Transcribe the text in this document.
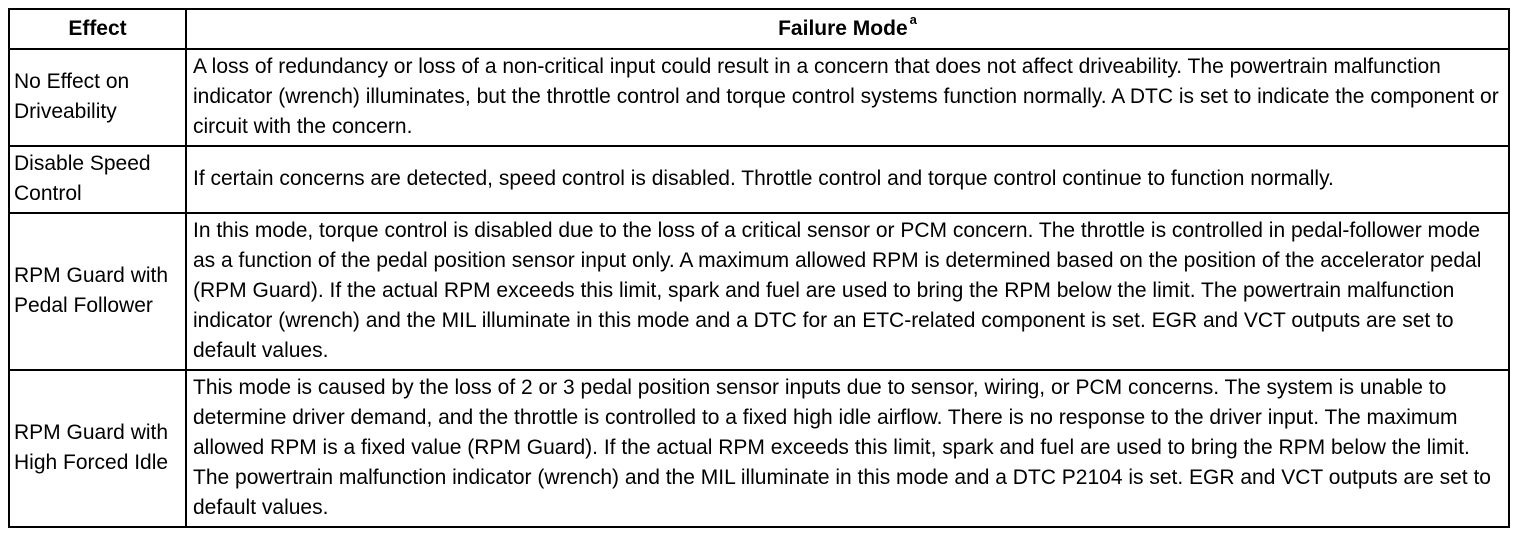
Effect	Failure Mode $^a$
No Effect on Driveability	A loss of redundancy or loss of a non-critical input could result in a concern that does not affect driveability. The powertrain malfunction indicator (wrench) illuminates, but the throttle control and torque control systems function normally. A DTC is set to indicate the component or circuit with the concern.
Disable Speed Control	If certain concerns are detected, speed control is disabled. Throttle control and torque control continue to function normally.
RPM Guard with Pedal Follower	In this mode, torque control is disabled due to the loss of a critical sensor or PCM concern. The throttle is controlled in pedal-follower mode as a function of the pedal position sensor input only. A maximum allowed RPM is determined based on the position of the accelerator pedal (RPM Guard). If the actual RPM exceeds this limit, spark and fuel are used to bring the RPM below the limit. The powertrain malfunction indicator (wrench) and the MIL illuminate in this mode and a DTC for an ETC-related component is set. EGR and VCT outputs are set to default values.
RPM Guard with High Forced Idle	This mode is caused by the loss of 2 or 3 pedal position sensor inputs due to sensor, wiring, or PCM concerns. The system is unable to determine driver demand, and the throttle is controlled to a fixed high idle airflow. There is no response to the driver input. The maximum allowed RPM is a fixed value (RPM Guard). If the actual RPM exceeds this limit, spark and fuel are used to bring the RPM below the limit. The powertrain malfunction indicator (wrench) and the MIL illuminate in this mode and a DTC P2104 is set. EGR and VCT outputs are set to default values.
